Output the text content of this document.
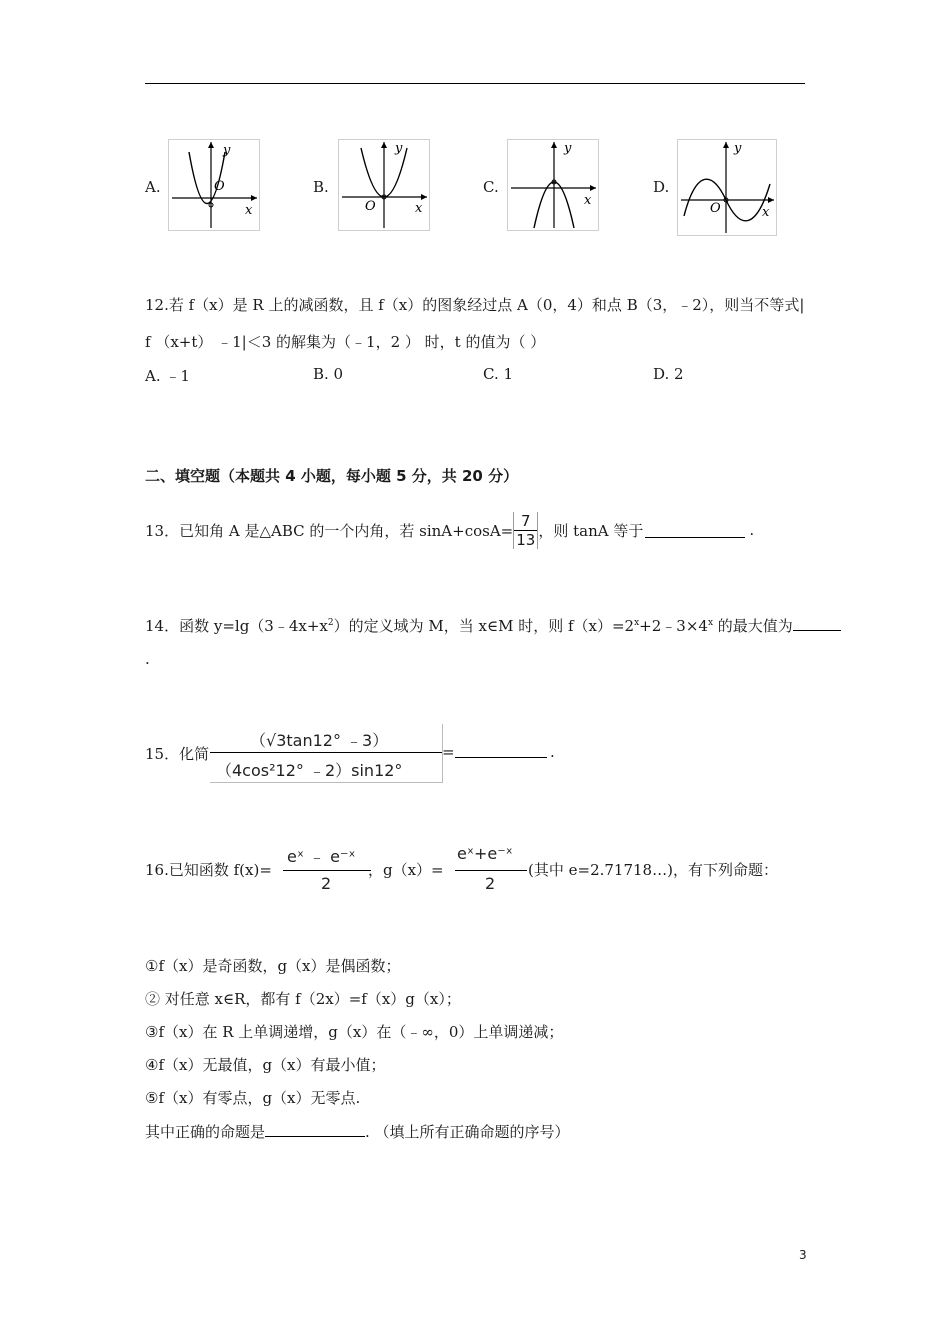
A.	O
y
x
B.
O
y
x
C.
y
x
D.
O
y
x
12.若 f（x）是 R 上的减函数，且 f（x）的图象经过点 A（0，4）和点 B（3，﹣2），则当不等式|
f （x+t） ﹣1|＜3 的解集为（﹣1，2 ） 时，t 的值为（ ）
A. ﹣1	B. 0	C. 1	D. 2
二、填空题（本题共 4 小题，每小题 5 分，共 20 分）
13．已知角 A 是△ABC 的一个内角，若 $\sin A+\cos A= \frac{7}{13}$ ，则 tanA 等于	.
14．函数 $y=\lg(3﹣4x+x^2)$的定义域为 M，当 x∈M 时，则 $f(x)=2^x+2﹣3\times 4^x$ 的最大值为
.
15．化简
（√3tan12° ﹣3）
（4cos²12° ﹣2）sin12°
=	.
16.已知函数 f(x)=
eˣ ﹣ e⁻ˣ
2
，g（x）=
eˣ+e⁻ˣ
2
(其中 e=2.71718…)，有下列命题：
①f（x）是奇函数，g（x）是偶函数；
② 对任意 x∈R，都有 f（2x）=f（x）g（x）；
③f（x）在 R 上单调递增，g（x）在（﹣∞，0）上单调递减；
④f（x）无最值，g（x）有最小值；
⑤f（x）有零点，g（x）无零点.
其中正确的命题是	. （填上所有正确命题的序号）
3
